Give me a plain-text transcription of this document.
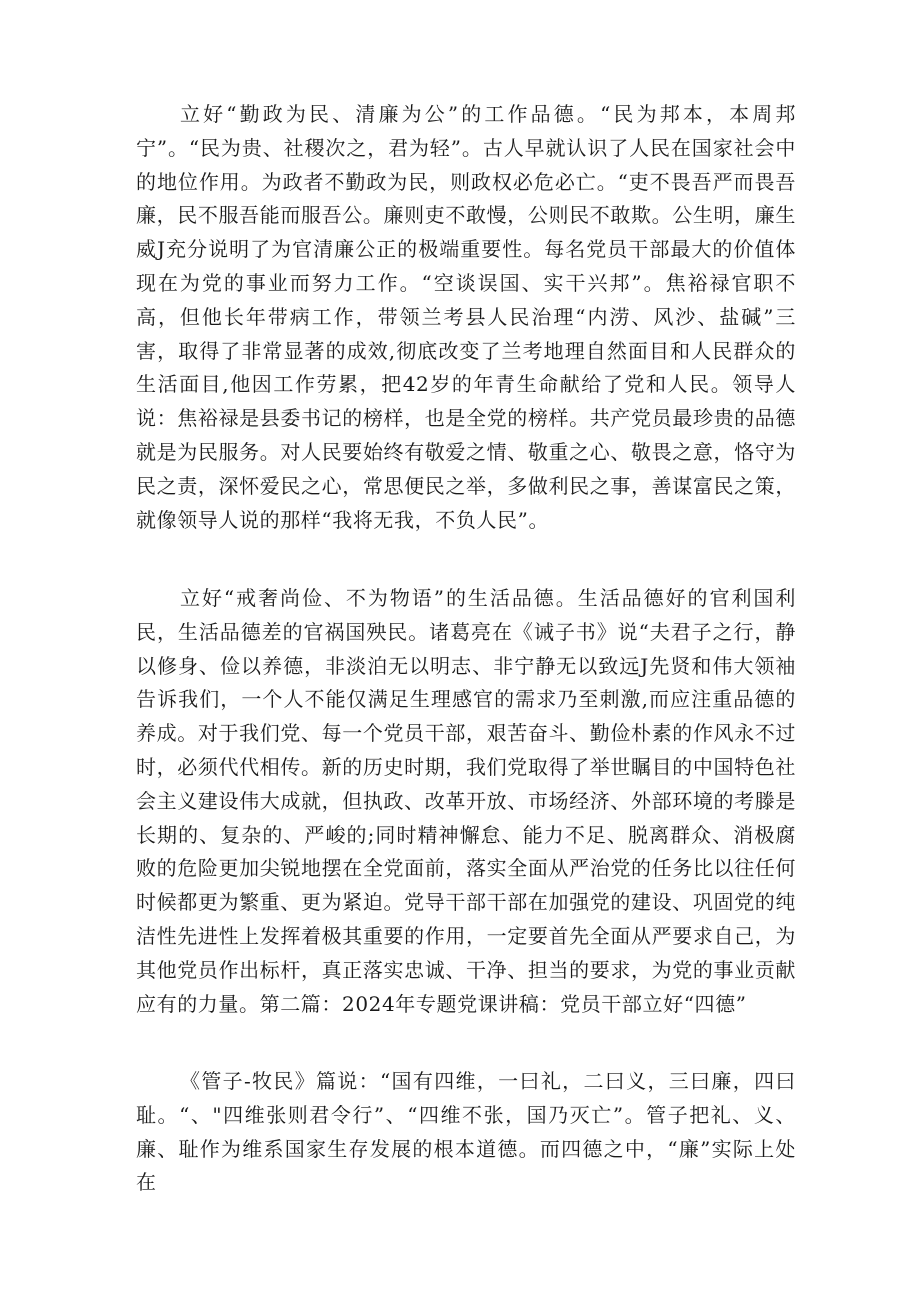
立好“勤政为民、清廉为公”的工作品德。“民为邦本，本周邦宁”。“民为贵、社稷次之，君为轻”。古人早就认识了人民在国家社会中的地位作用。为政者不勤政为民，则政权必危必亡。“吏不畏吾严而畏吾廉，民不服吾能而服吾公。廉则吏不敢慢，公则民不敢欺。公生明，廉生威J充分说明了为官清廉公正的极端重要性。每名党员干部最大的价值体现在为党的事业而努力工作。“空谈误国、实干兴邦”。焦裕禄官职不高，但他长年带病工作，带领兰考县人民治理“内涝、风沙、盐碱”三害，取得了非常显著的成效,彻底改变了兰考地理自然面目和人民群众的生活面目,他因工作劳累，把42岁的年青生命献给了党和人民。领导人说：焦裕禄是县委书记的榜样，也是全党的榜样。共产党员最珍贵的品德就是为民服务。对人民要始终有敬爱之情、敬重之心、敬畏之意，恪守为民之责，深怀爱民之心，常思便民之举，多做利民之事，善谋富民之策，就像领导人说的那样“我将无我，不负人民”。

立好“戒奢尚俭、不为物语”的生活品德。生活品德好的官利国利民，生活品德差的官祸国殃民。诸葛亮在《诫子书》说“夫君子之行，静以修身、俭以养德，非淡泊无以明志、非宁静无以致远J先贤和伟大领袖告诉我们，一个人不能仅满足生理感官的需求乃至刺激,而应注重品德的养成。对于我们党、每一个党员干部，艰苦奋斗、勤俭朴素的作风永不过时，必须代代相传。新的历史时期，我们党取得了举世瞩目的中国特色社会主义建设伟大成就，但执政、改革开放、市场经济、外部环境的考滕是长期的、复杂的、严峻的;同时精神懈怠、能力不足、脱离群众、消极腐败的危险更加尖锐地摆在全党面前，落实全面从严治党的任务比以往任何时候都更为繁重、更为紧迫。党导干部干部在加强党的建设、巩固党的纯洁性先进性上发挥着极其重要的作用，一定要首先全面从严要求自己，为其他党员作出标杆，真正落实忠诚、干净、担当的要求，为党的事业贡献应有的力量。第二篇：2024年专题党课讲稿：党员干部立好“四德”

《管子-牧民》篇说：“国有四维，一曰礼，二曰义，三曰廉，四曰耻。“、"四维张则君令行”、“四维不张，国乃灭亡”。管子把礼、义、廉、耻作为维系国家生存发展的根本道德。而四德之中，“廉”实际上处在
